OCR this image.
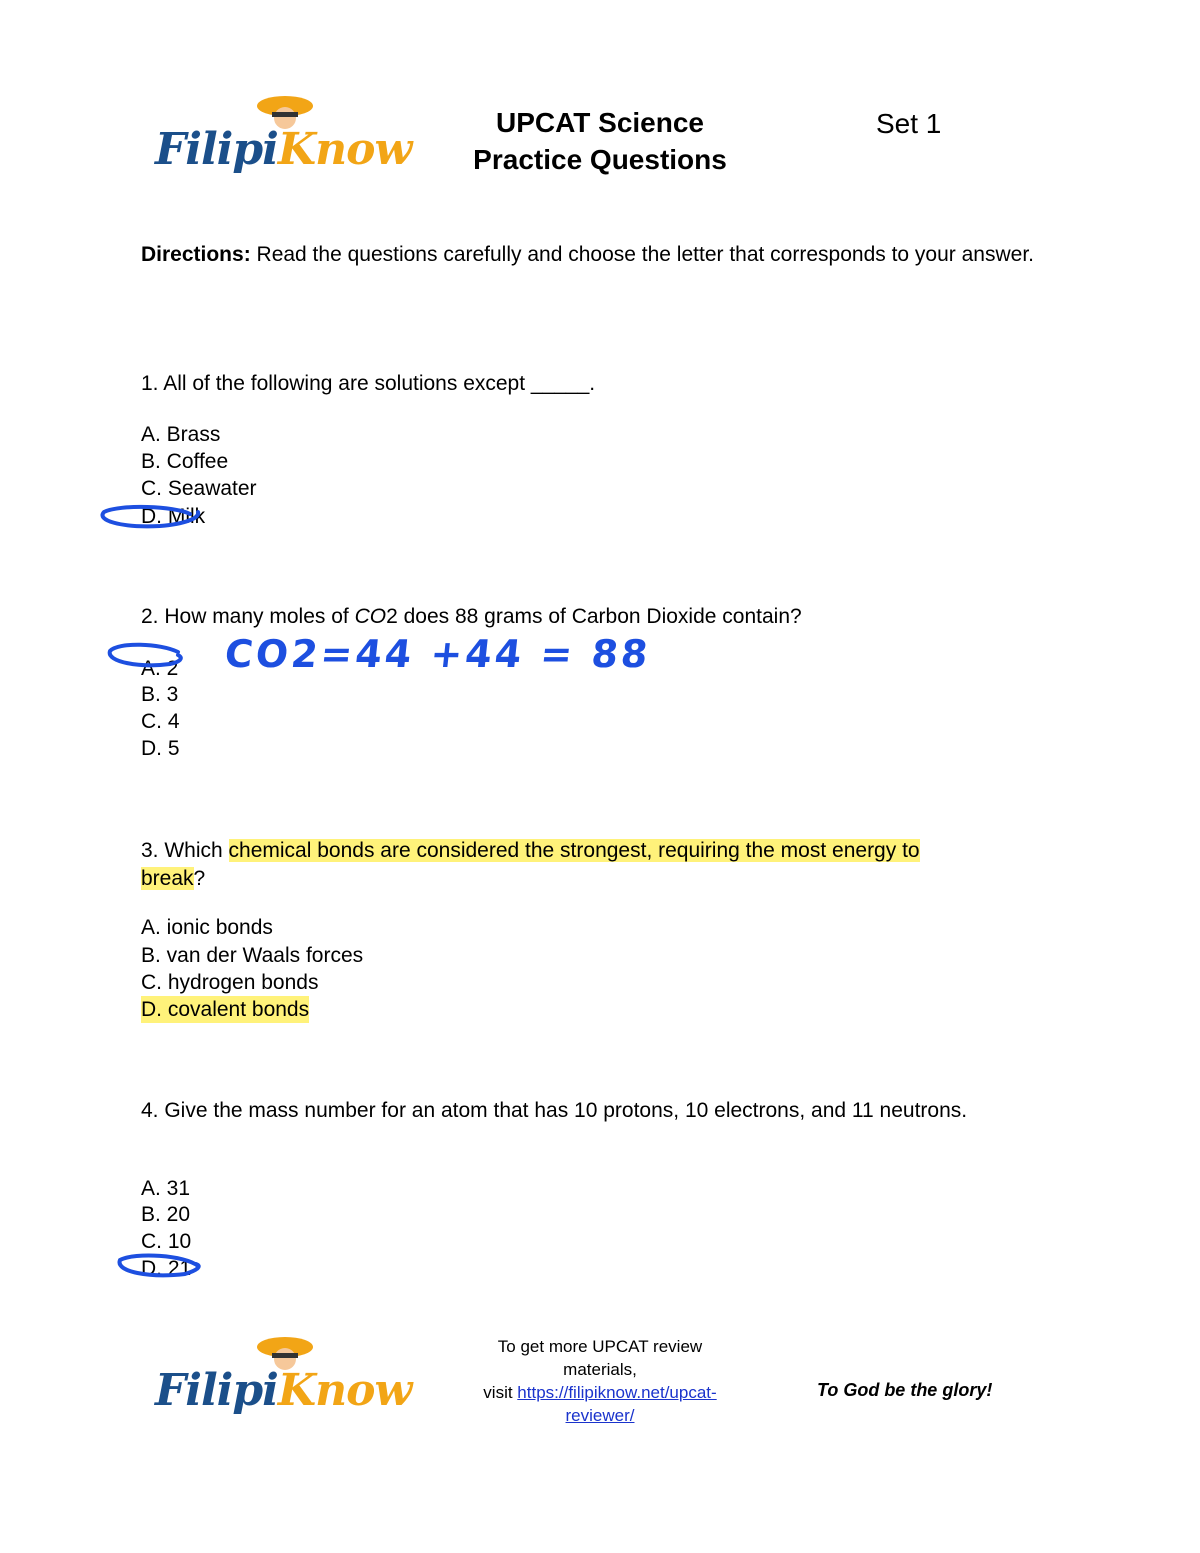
FilipiKnow
UPCAT Science
Practice Questions
Set 1
Directions: Read the questions carefully and choose the letter that corresponds to your answer.
1. All of the following are solutions except _____.
A. Brass
B. Coffee
C. Seawater
D. Milk
2. How many moles of CO2 does 88 grams of Carbon Dioxide contain?
A. 2
B. 3
C. 4
D. 5
3. Which chemical bonds are considered the strongest, requiring the most energy to
break?
A. ionic bonds
B. van der Waals forces
C. hydrogen bonds
D. covalent bonds
4. Give the mass number for an atom that has 10 protons, 10 electrons, and 11 neutrons.
A. 31
B. 20
C. 10
D. 21
CO2=44 +44 = 88
FilipiKnow
To get more UPCAT review
materials,
visit https://filipiknow.net/upcat-
reviewer/
To God be the glory!
